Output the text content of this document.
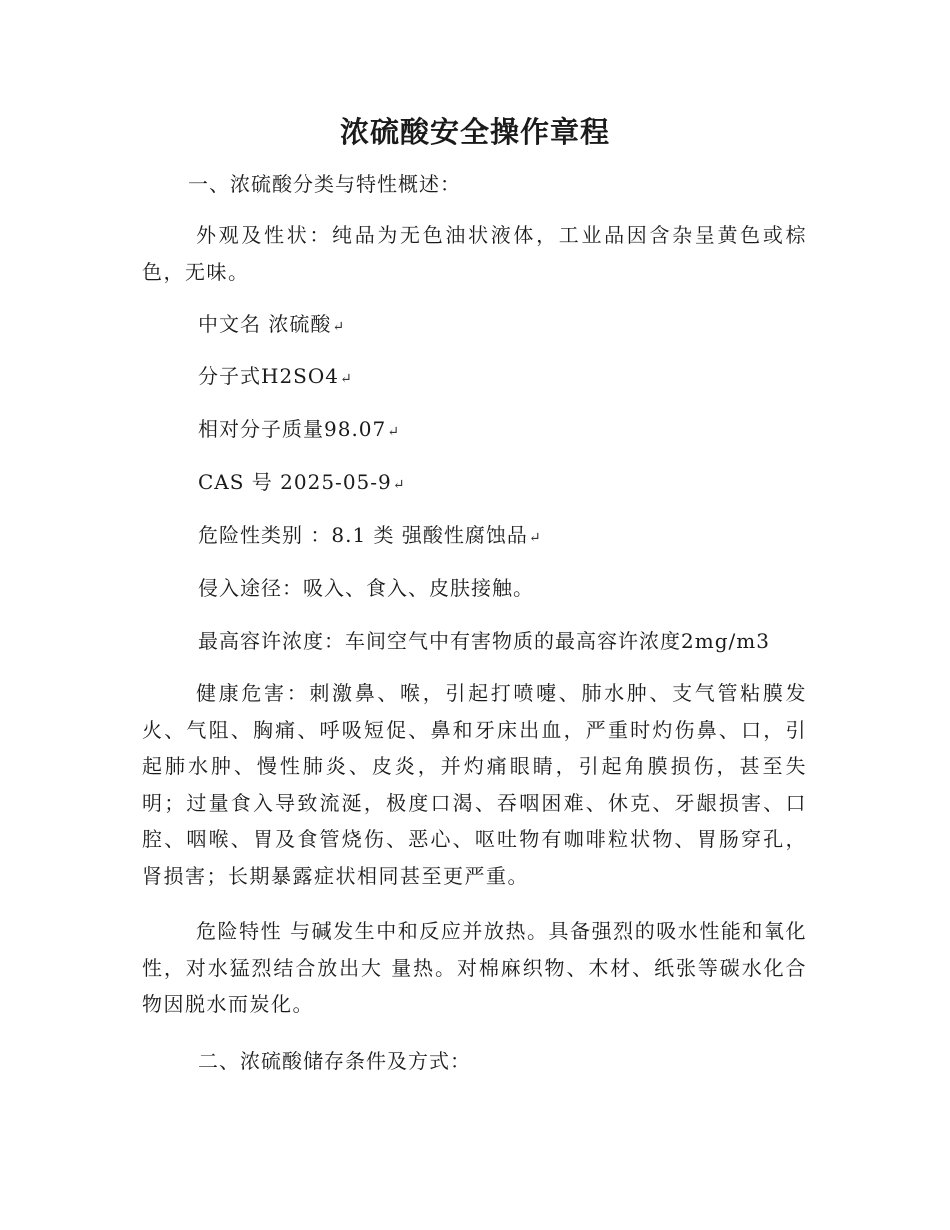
浓硫酸安全操作章程
一、浓硫酸分类与特性概述：
外观及性状：纯品为无色油状液体，工业品因含杂呈黄色或棕色，无味。
中文名 浓硫酸↵
分子式H2SO4↵
相对分子质量98.07↵
CAS 号 2025-05-9↵
危险性类别 ：8.1 类 强酸性腐蚀品↵
侵入途径：吸入、食入、皮肤接触。
最高容许浓度：车间空气中有害物质的最高容许浓度2mg/m3
健康危害：刺激鼻、喉，引起打喷嚏、肺水肿、支气管粘膜发火、气阻、胸痛、呼吸短促、鼻和牙床出血，严重时灼伤鼻、口，引起肺水肿、慢性肺炎、皮炎，并灼痛眼睛，引起角膜损伤，甚至失明；过量食入导致流涎，极度口渴、吞咽困难、休克、牙龈损害、口腔、咽喉、胃及食管烧伤、恶心、呕吐物有咖啡粒状物、胃肠穿孔，肾损害；长期暴露症状相同甚至更严重。
危险特性 与碱发生中和反应并放热。具备强烈的吸水性能和氧化性，对水猛烈结合放出大 量热。对棉麻织物、木材、纸张等碳水化合物因脱水而炭化。
二、浓硫酸储存条件及方式：
